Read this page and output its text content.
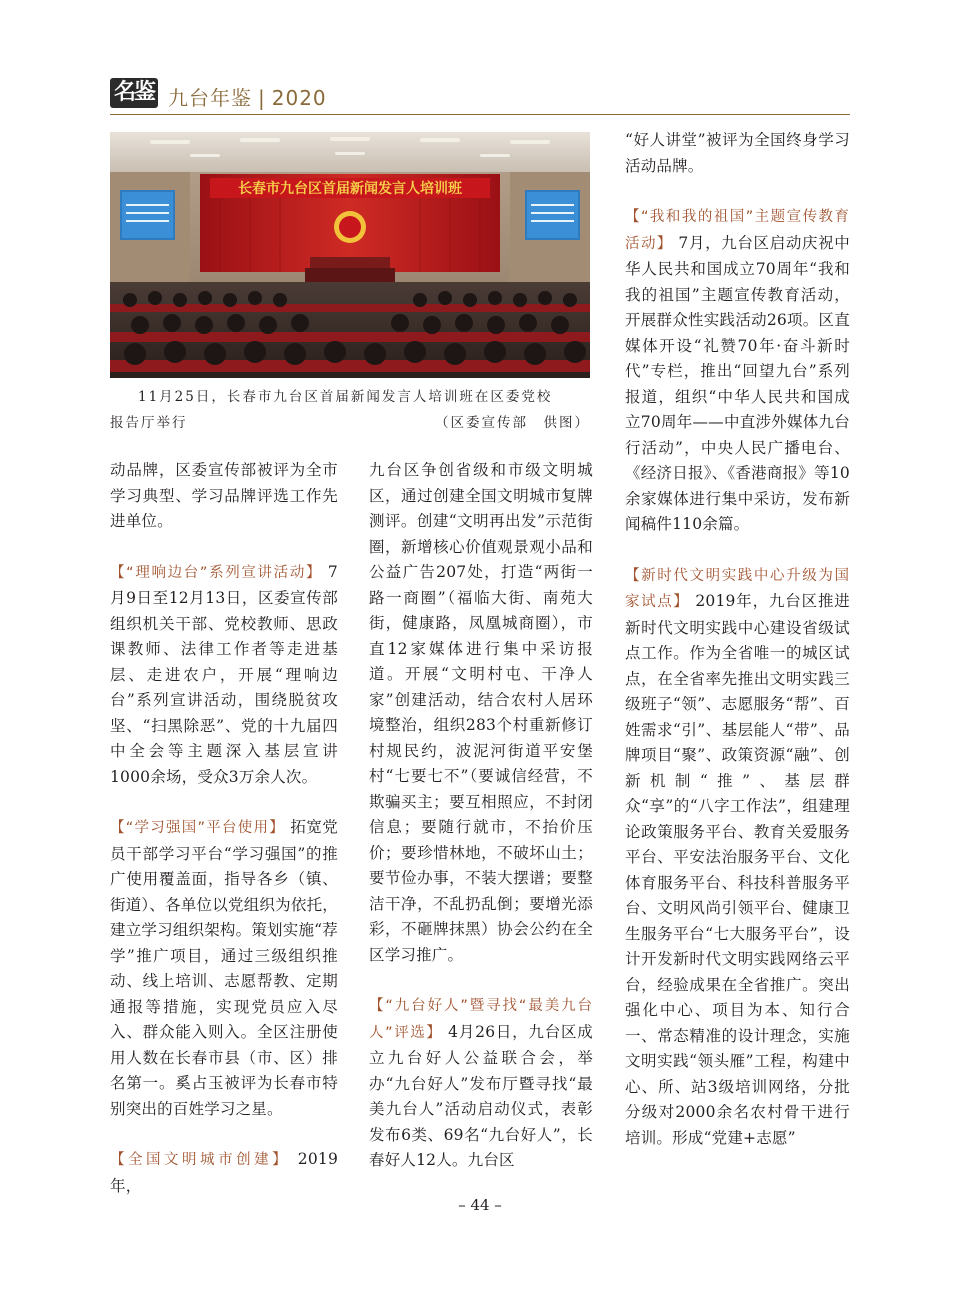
名鉴 九台年鉴 | 2020
长春市九台区首届新闻发言人培训班
11月25日，长春市九台区首届新闻发言人培训班在区委党校
报告厅举行	（区委宣传部　供图）

动品牌，区委宣传部被评为全市学习典型、学习品牌评选工作先进单位。

【“理响边台”系列宣讲活动】 7月9日至12月13日，区委宣传部组织机关干部、党校教师、思政课教师、法律工作者等走进基层、走进农户，开展“理响边台”系列宣讲活动，围绕脱贫攻坚、“扫黑除恶”、党的十九届四中全会等主题深入基层宣讲1000余场，受众3万余人次。

【“学习强国”平台使用】 拓宽党员干部学习平台“学习强国”的推广使用覆盖面，指导各乡（镇、街道）、各单位以党组织为依托，建立学习组织架构。策划实施“荐学”推广项目，通过三级组织推动、线上培训、志愿帮教、定期通报等措施，实现党员应入尽入、群众能入则入。全区注册使用人数在长春市县（市、区）排名第一。奚占玉被评为长春市特别突出的百姓学习之星。

【全国文明城市创建】 2019年，

九台区争创省级和市级文明城区，通过创建全国文明城市复牌测评。创建“文明再出发”示范街圈，新增核心价值观景观小品和公益广告207处，打造“两街一路一商圈”（福临大街、南苑大街，健康路，凤凰城商圈），市直12家媒体进行集中采访报道。开展“文明村屯、干净人家”创建活动，结合农村人居环境整治，组织283个村重新修订村规民约，波泥河街道平安堡村“七要七不”（要诚信经营，不欺骗买主；要互相照应，不封闭信息；要随行就市，不抬价压价；要珍惜林地，不破坏山土；要节俭办事，不装大摆谱；要整洁干净，不乱扔乱倒；要增光添彩，不砸牌抹黑）协会公约在全区学习推广。

【“九台好人”暨寻找“最美九台人”评选】 4月26日，九台区成立九台好人公益联合会，举办“九台好人”发布厅暨寻找“最美九台人”活动启动仪式，表彰发布6类、69名“九台好人”，长春好人12人。九台区

“好人讲堂”被评为全国终身学习活动品牌。

【“我和我的祖国”主题宣传教育活动】 7月，九台区启动庆祝中华人民共和国成立70周年“我和我的祖国”主题宣传教育活动，开展群众性实践活动26项。区直媒体开设“礼赞70年·奋斗新时代”专栏，推出“回望九台”系列报道，组织“中华人民共和国成立70周年——中直涉外媒体九台行活动”，中央人民广播电台、《经济日报》、《香港商报》等10余家媒体进行集中采访，发布新闻稿件110余篇。

【新时代文明实践中心升级为国家试点】 2019年，九台区推进新时代文明实践中心建设省级试点工作。作为全省唯一的城区试点，在全省率先推出文明实践三级班子“领”、志愿服务“帮”、百姓需求“引”、基层能人“带”、品牌项目“聚”、政策资源“融”、创新机制“推”、基层群众“享”的“八字工作法”，组建理论政策服务平台、教育关爱服务平台、平安法治服务平台、文化体育服务平台、科技科普服务平台、文明风尚引领平台、健康卫生服务平台“七大服务平台”，设计开发新时代文明实践网络云平台，经验成果在全省推广。突出强化中心、项目为本、知行合一、常态精准的设计理念，实施文明实践“领头雁”工程，构建中心、所、站3级培训网络，分批分级对2000余名农村骨干进行培训。形成“党建+志愿”

– 44 –
